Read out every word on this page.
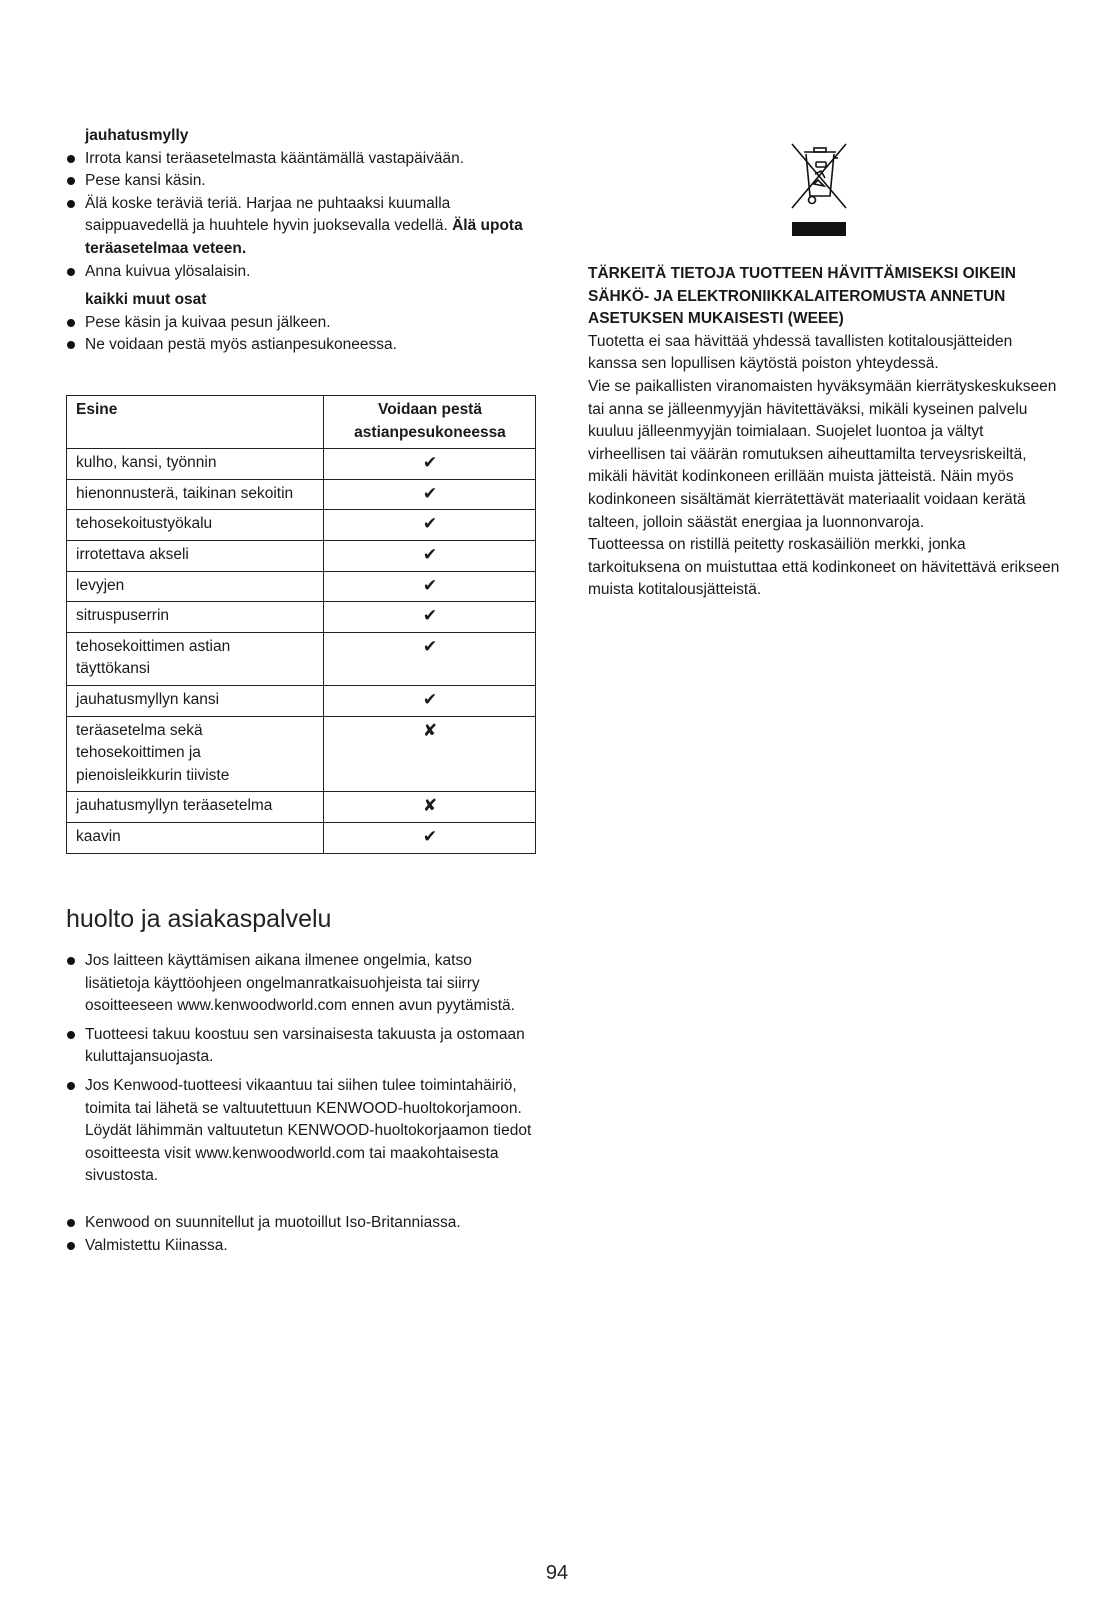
jauhatusmylly
Irrota kansi teräasetelmasta kääntämällä vastapäivään.
Pese kansi käsin.
Älä koske teräviä teriä. Harjaa ne puhtaaksi kuumalla saippuavedellä ja huuhtele hyvin juoksevalla vedellä. Älä upota teräasetelmaa veteen.
Anna kuivua ylösalaisin.
kaikki muut osat
Pese käsin ja kuivaa pesun jälkeen.
Ne voidaan pestä myös astianpesukoneessa.
Esine	Voidaan pestä astianpesukoneessa
kulho, kansi, työnnin	✔
hienonnusterä, taikinan sekoitin	✔
tehosekoitustyökalu	✔
irrotettava akseli	✔
levyjen	✔
sitruspuserrin	✔
tehosekoittimen astian täyttökansi	✔
jauhatusmyllyn kansi	✔
teräasetelma sekä tehosekoittimen ja pienoisleikkurin tiiviste	✘
jauhatusmyllyn teräasetelma	✘
kaavin	✔
huolto ja asiakaspalvelu
Jos laitteen käyttämisen aikana ilmenee ongelmia, katso lisätietoja käyttöohjeen ongelmanratkaisuohjeista tai siirry osoitteeseen www.kenwoodworld.com ennen avun pyytämistä.
Tuotteesi takuu koostuu sen varsinaisesta takuusta ja ostomaan kuluttajansuojasta.
Jos Kenwood-tuotteesi vikaantuu tai siihen tulee toimintahäiriö, toimita tai lähetä se valtuutettuun KENWOOD-huoltokorjamoon. Löydät lähimmän valtuutetun KENWOOD-huoltokorjaamon tiedot osoitteesta visit www.kenwoodworld.com tai maakohtaisesta sivustosta.
Kenwood on suunnitellut ja muotoillut Iso-Britanniassa.
Valmistettu Kiinassa.
TÄRKEITÄ TIETOJA TUOTTEEN HÄVITTÄMISEKSI OIKEIN SÄHKÖ- JA ELEKTRONIIKKALAITEROMUSTA ANNETUN ASETUKSEN MUKAISESTI (WEEE)
Tuotetta ei saa hävittää yhdessä tavallisten kotitalousjätteiden kanssa sen lopullisen käytöstä poiston yhteydessä.
Vie se paikallisten viranomaisten hyväksymään kierrätyskeskukseen tai anna se jälleenmyyjän hävitettäväksi, mikäli kyseinen palvelu kuuluu jälleenmyyjän toimialaan. Suojelet luontoa ja vältyt virheellisen tai väärän romutuksen aiheuttamilta terveysriskeiltä, mikäli hävität kodinkoneen erillään muista jätteistä. Näin myös kodinkoneen sisältämät kierrätettävät materiaalit voidaan kerätä talteen, jolloin säästät energiaa ja luonnonvaroja.
Tuotteessa on ristillä peitetty roskasäiliön merkki, jonka tarkoituksena on muistuttaa että kodinkoneet on hävitettävä erikseen muista kotitalousjätteistä.
94
